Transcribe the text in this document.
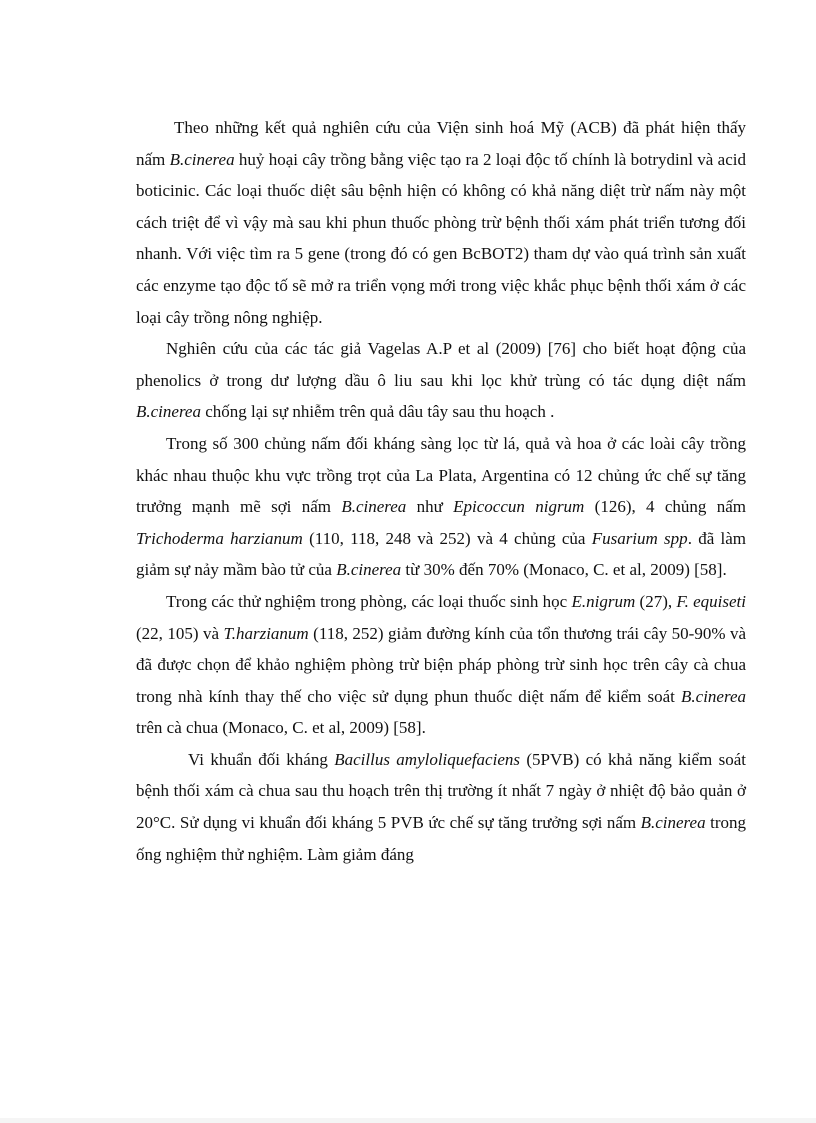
Theo những kết quả nghiên cứu của Viện sinh hoá Mỹ (ACB) đã phát hiện thấy nấm B.cinerea huỷ hoại cây trồng bằng việc tạo ra 2 loại độc tố chính là botrydinl và acid boticinic. Các loại thuốc diệt sâu bệnh hiện có không có khả năng diệt trừ nấm này một cách triệt để vì vậy mà sau khi phun thuốc phòng trừ bệnh thối xám phát triển tương đối nhanh. Với việc tìm ra 5 gene (trong đó có gen BcBOT2) tham dự vào quá trình sản xuất các enzyme tạo độc tố sẽ mở ra triển vọng mới trong việc khắc phục bệnh thối xám ở các loại cây trồng nông nghiệp.

Nghiên cứu của các tác giả Vagelas A.P et al (2009) [76] cho biết hoạt động của phenolics ở trong dư lượng dầu ô liu sau khi lọc khử trùng có tác dụng diệt nấm B.cinerea chống lại sự nhiễm trên quả dâu tây sau thu hoạch .

Trong số 300 chủng nấm đối kháng sàng lọc từ lá, quả và hoa ở các loài cây trồng khác nhau thuộc khu vực trồng trọt của La Plata, Argentina có 12 chủng ức chế sự tăng trưởng mạnh mẽ sợi nấm B.cinerea như Epicoccun nigrum (126), 4 chủng nấm Trichoderma harzianum (110, 118, 248 và 252) và 4 chủng của Fusarium spp. đã làm giảm sự nảy mầm bào tử của B.cinerea từ 30% đến 70% (Monaco, C. et al, 2009) [58].

Trong các thử nghiệm trong phòng, các loại thuốc sinh học E.nigrum (27), F. equiseti (22, 105) và T.harzianum (118, 252) giảm đường kính của tổn thương trái cây 50-90% và đã được chọn để khảo nghiệm phòng trừ biện pháp phòng trừ sinh học trên cây cà chua trong nhà kính thay thế cho việc sử dụng phun thuốc diệt nấm để kiểm soát B.cinerea trên cà chua (Monaco, C. et al, 2009) [58].

Vi khuẩn đối kháng Bacillus amyloliquefaciens (5PVB) có khả năng kiểm soát bệnh thối xám cà chua sau thu hoạch trên thị trường ít nhất 7 ngày ở nhiệt độ bảo quản ở 20°C. Sử dụng vi khuẩn đối kháng 5 PVB ức chế sự tăng trưởng sợi nấm B.cinerea trong ống nghiệm thử nghiệm. Làm giảm đáng
